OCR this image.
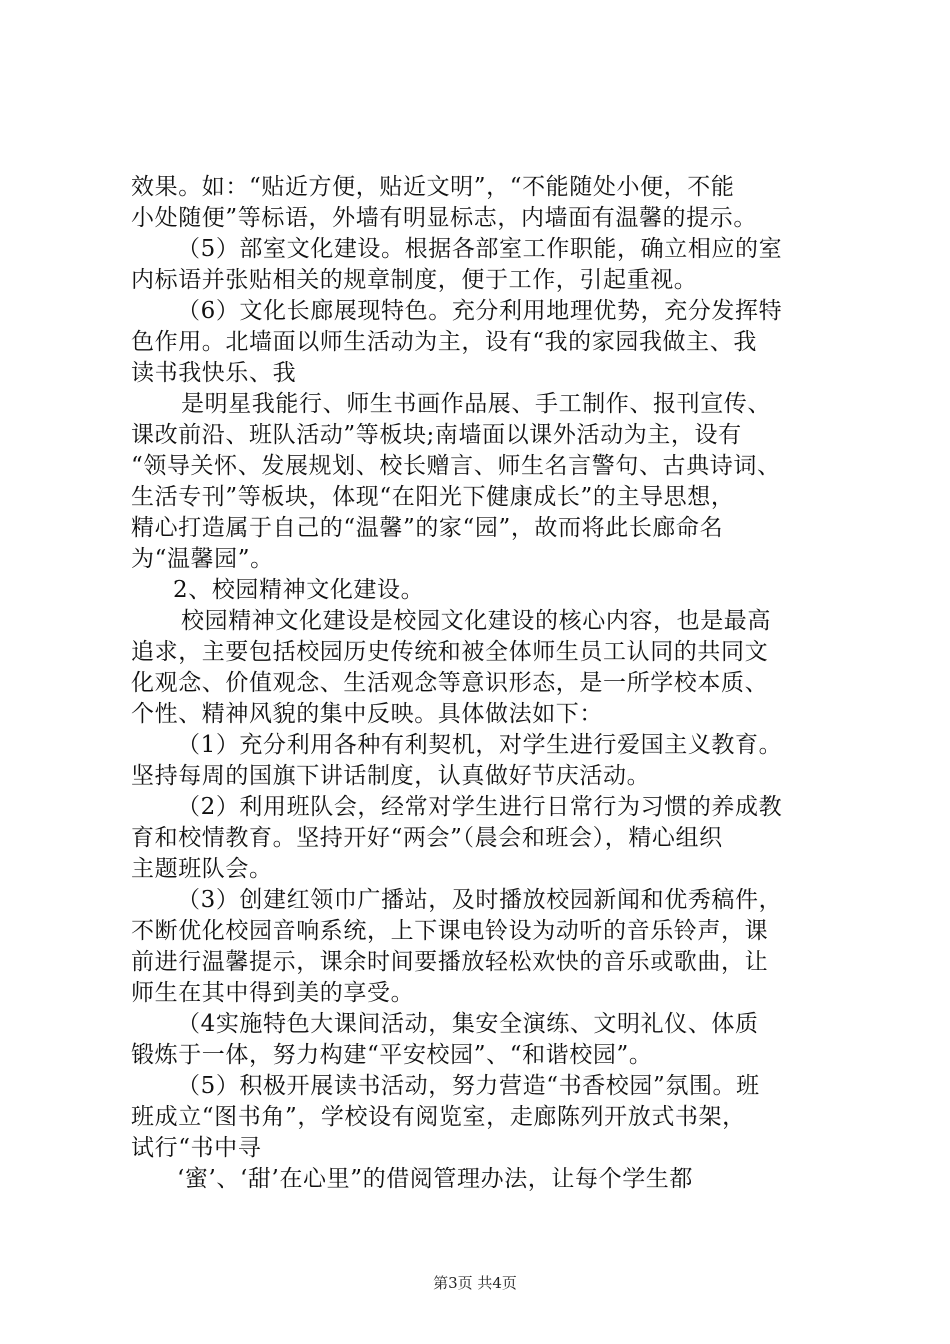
效果。如：“贴近方便，贴近文明”，“不能随处小便，不能
小处随便”等标语，外墙有明显标志，内墙面有温馨的提示。
（5）部室文化建设。根据各部室工作职能，确立相应的室
内标语并张贴相关的规章制度，便于工作，引起重视。
（6）文化长廊展现特色。充分利用地理优势，充分发挥特
色作用。北墙面以师生活动为主，设有“我的家园我做主、我
读书我快乐、我
是明星我能行、师生书画作品展、手工制作、报刊宣传、
课改前沿、班队活动”等板块;南墙面以课外活动为主，设有
“领导关怀、发展规划、校长赠言、师生名言警句、古典诗词、
生活专刊”等板块，体现“在阳光下健康成长”的主导思想，
精心打造属于自己的“温馨”的家“园”，故而将此长廊命名
为“温馨园”。
2、校园精神文化建设。
校园精神文化建设是校园文化建设的核心内容，也是最高
追求，主要包括校园历史传统和被全体师生员工认同的共同文
化观念、价值观念、生活观念等意识形态，是一所学校本质、
个性、精神风貌的集中反映。具体做法如下：
（1）充分利用各种有利契机，对学生进行爱国主义教育。
坚持每周的国旗下讲话制度，认真做好节庆活动。
（2）利用班队会，经常对学生进行日常行为习惯的养成教
育和校情教育。坚持开好“两会”（晨会和班会），精心组织
主题班队会。
（3）创建红领巾广播站，及时播放校园新闻和优秀稿件，
不断优化校园音响系统，上下课电铃设为动听的音乐铃声，课
前进行温馨提示，课余时间要播放轻松欢快的音乐或歌曲，让
师生在其中得到美的享受。
（4实施特色大课间活动，集安全演练、文明礼仪、体质
锻炼于一体，努力构建“平安校园”、“和谐校园”。
（5）积极开展读书活动，努力营造“书香校园”氛围。班
班成立“图书角”，学校设有阅览室，走廊陈列开放式书架，
试行“书中寻
‘蜜’、‘甜’在心里”的借阅管理办法，让每个学生都
第3页 共4页
